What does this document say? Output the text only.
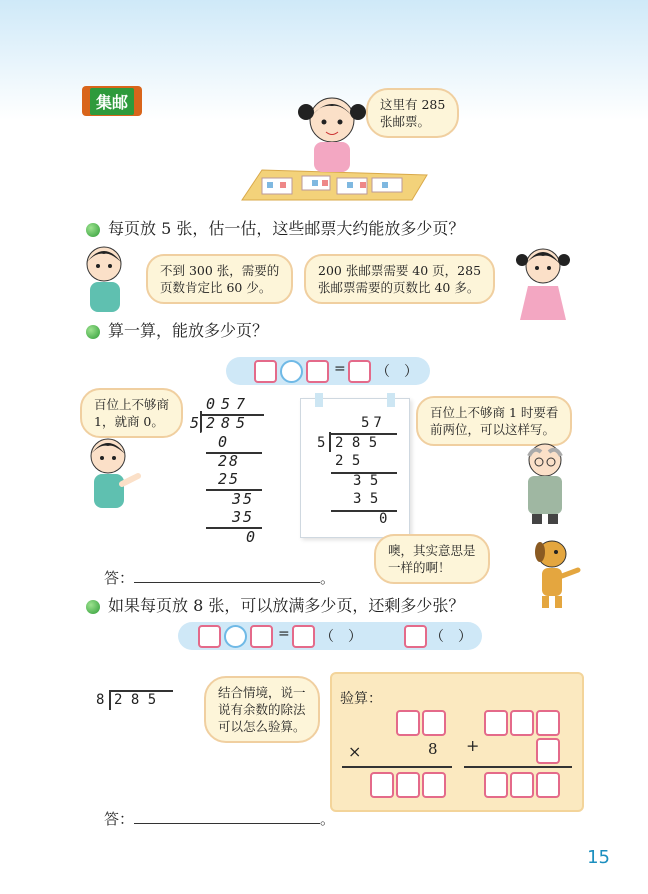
集邮	这里有 285
张邮票。
每页放 5 张，估一估，这些邮票大约能放多少页？
不到 300 张，需要的
页数肯定比 60 少。
200 张邮票需要 40 页，285
张邮票需要的页数比 40 多。
算一算，能放多少页？
= （　）
百位上不够商
1，就商 0。
057
5 285
0
28
25
35
35
0
57
5 2 8 5
2 5
3 5
3 5
0
百位上不够商 1 时要看
前两位，可以这样写。
噢，其实意思是
一样的啊！
答：	。
如果每页放 8 张，可以放满多少页，还剩多少张？
= （　）	（　）
8 2 8 5	结合情境，说一
说有余数的除法
可以怎么验算。
验算：
×	8 +
答：	。
15
